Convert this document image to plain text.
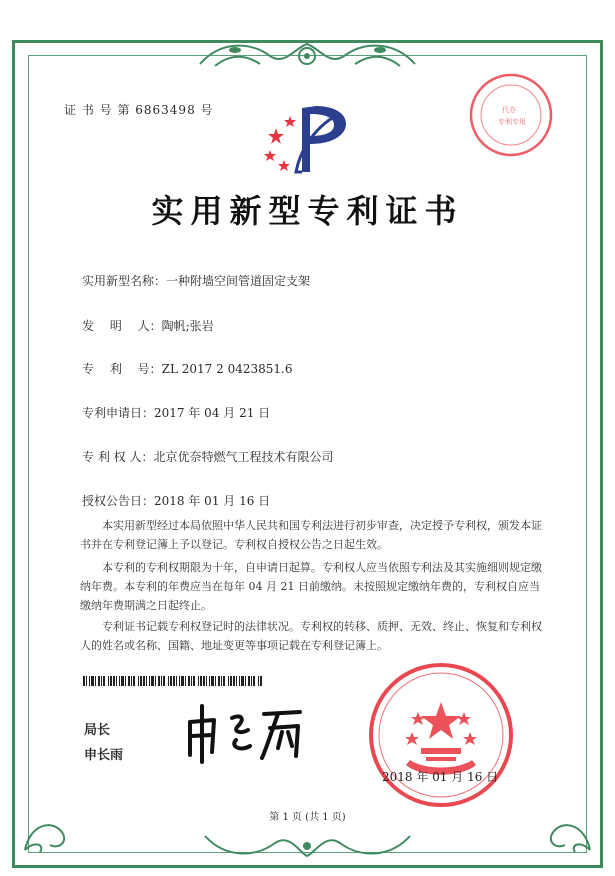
证 书 号 第 6863498 号	代办
专利专用
实用新型专利证书
实用新型名称：一种附墙空间管道固定支架
发　 明　 人：陶帆;张岩
专　 利　 号：ZL 2017 2 0423851.6
专利申请日：2017 年 04 月 21 日
专 利 权 人：北京优奈特燃气工程技术有限公司
授权公告日：2018 年 01 月 16 日

本实用新型经过本局依照中华人民共和国专利法进行初步审查，决定授予专利权，颁发本证书并在专利登记簿上予以登记。专利权自授权公告之日起生效。

本专利的专利权期限为十年，自申请日起算。专利权人应当依照专利法及其实施细则规定缴纳年费。本专利的年费应当在每年 04 月 21 日前缴纳。未按照规定缴纳年费的，专利权自应当缴纳年费期满之日起终止。

专利证书记载专利权登记时的法律状况。专利权的转移、质押、无效、终止、恢复和专利权人的姓名或名称、国籍、地址变更等事项记载在专利登记簿上。

局长
申长雨
2018 年 01 月 16 日
第 1 页 (共 1 页)
